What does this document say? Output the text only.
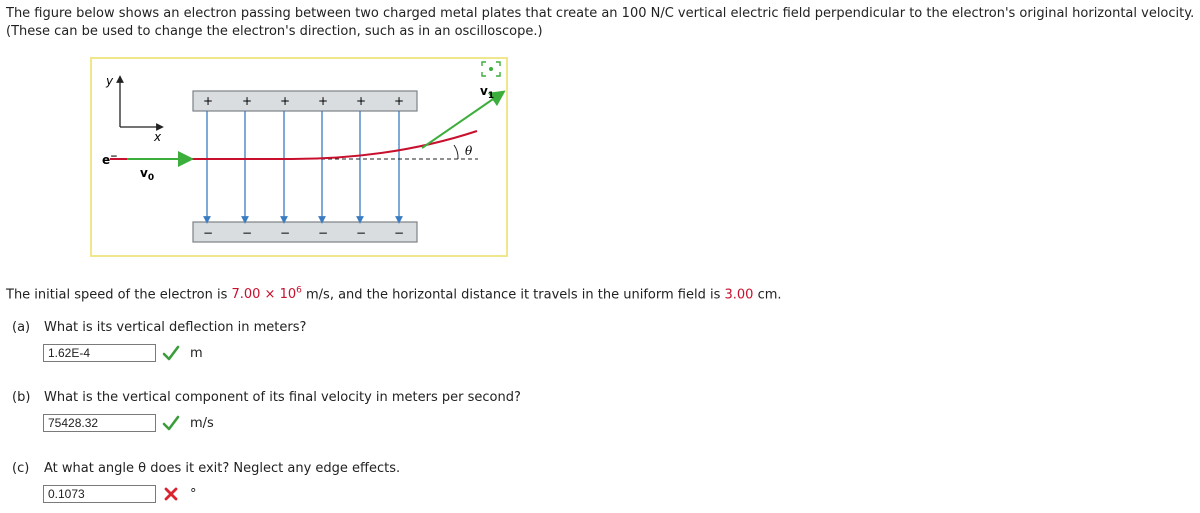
The figure below shows an electron passing between two charged metal plates that create an 100 N/C vertical electric field perpendicular to the electron's original horizontal velocity.
(These can be used to change the electron's direction, such as in an oscilloscope.)
y
x
+ + + + + +
− − − − − −
θ
e−
$v_0$
$v_1$
The initial speed of the electron is $7.00 \times 10^6$ m/s, and the horizontal distance it travels in the uniform field is 3.00 cm.
(a) What is its vertical deflection in meters?
1.62E-4	m
(b) What is the vertical component of its final velocity in meters per second?
75428.32	m/s
(c) At what angle θ does it exit? Neglect any edge effects.
0.1073	°
